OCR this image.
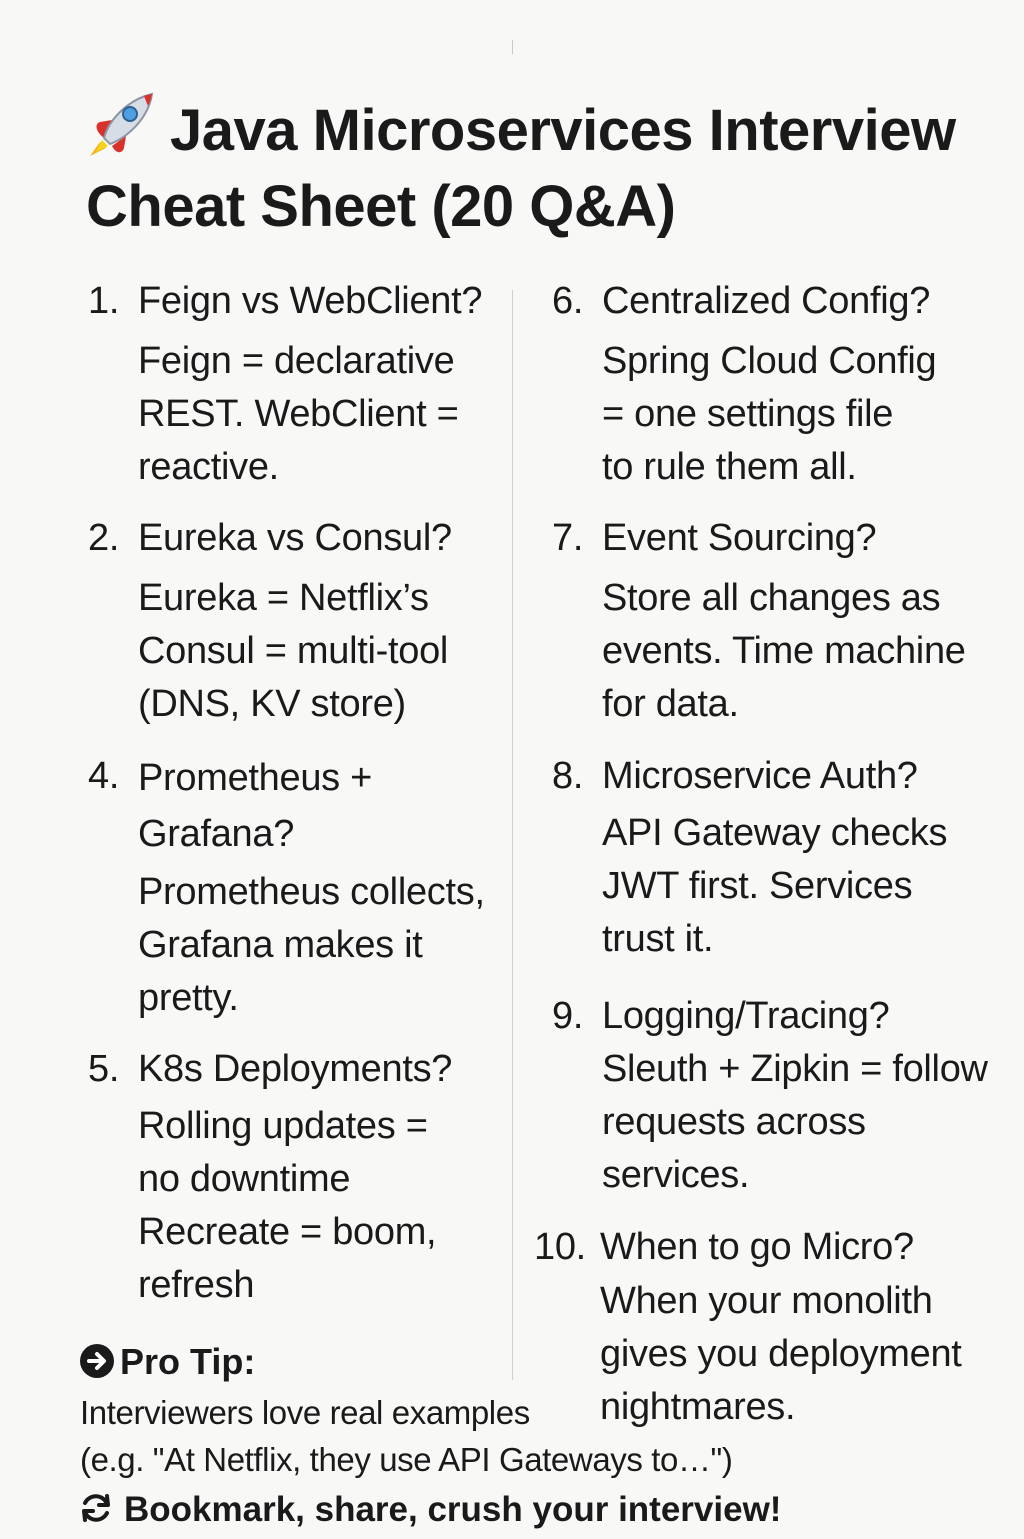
Java Microservices Interview Cheat Sheet (20 Q&A)
1. Feign vs WebClient?
Feign = declarative
REST. WebClient =
reactive.
2. Eureka vs Consul?
Eureka = Netflix’s
Consul = multi-tool
(DNS, KV store)
4. Prometheus +
Grafana?
Prometheus collects,
Grafana makes it
pretty.
5. K8s Deployments?
Rolling updates =
no downtime
Recreate = boom,
refresh
6. Centralized Config?
Spring Cloud Config
= one settings file
to rule them all.
7. Event Sourcing?
Store all changes as
events. Time machine
for data.
8. Microservice Auth?
API Gateway checks
JWT first. Services
trust it.
9. Logging/Tracing?
Sleuth + Zipkin = follow
requests across
services.
10. When to go Micro?
When your monolith
gives you deployment
nightmares.
Pro Tip:
Interviewers love real examples
(e.g. "At Netflix, they use API Gateways to…")
Bookmark, share, crush your interview!
